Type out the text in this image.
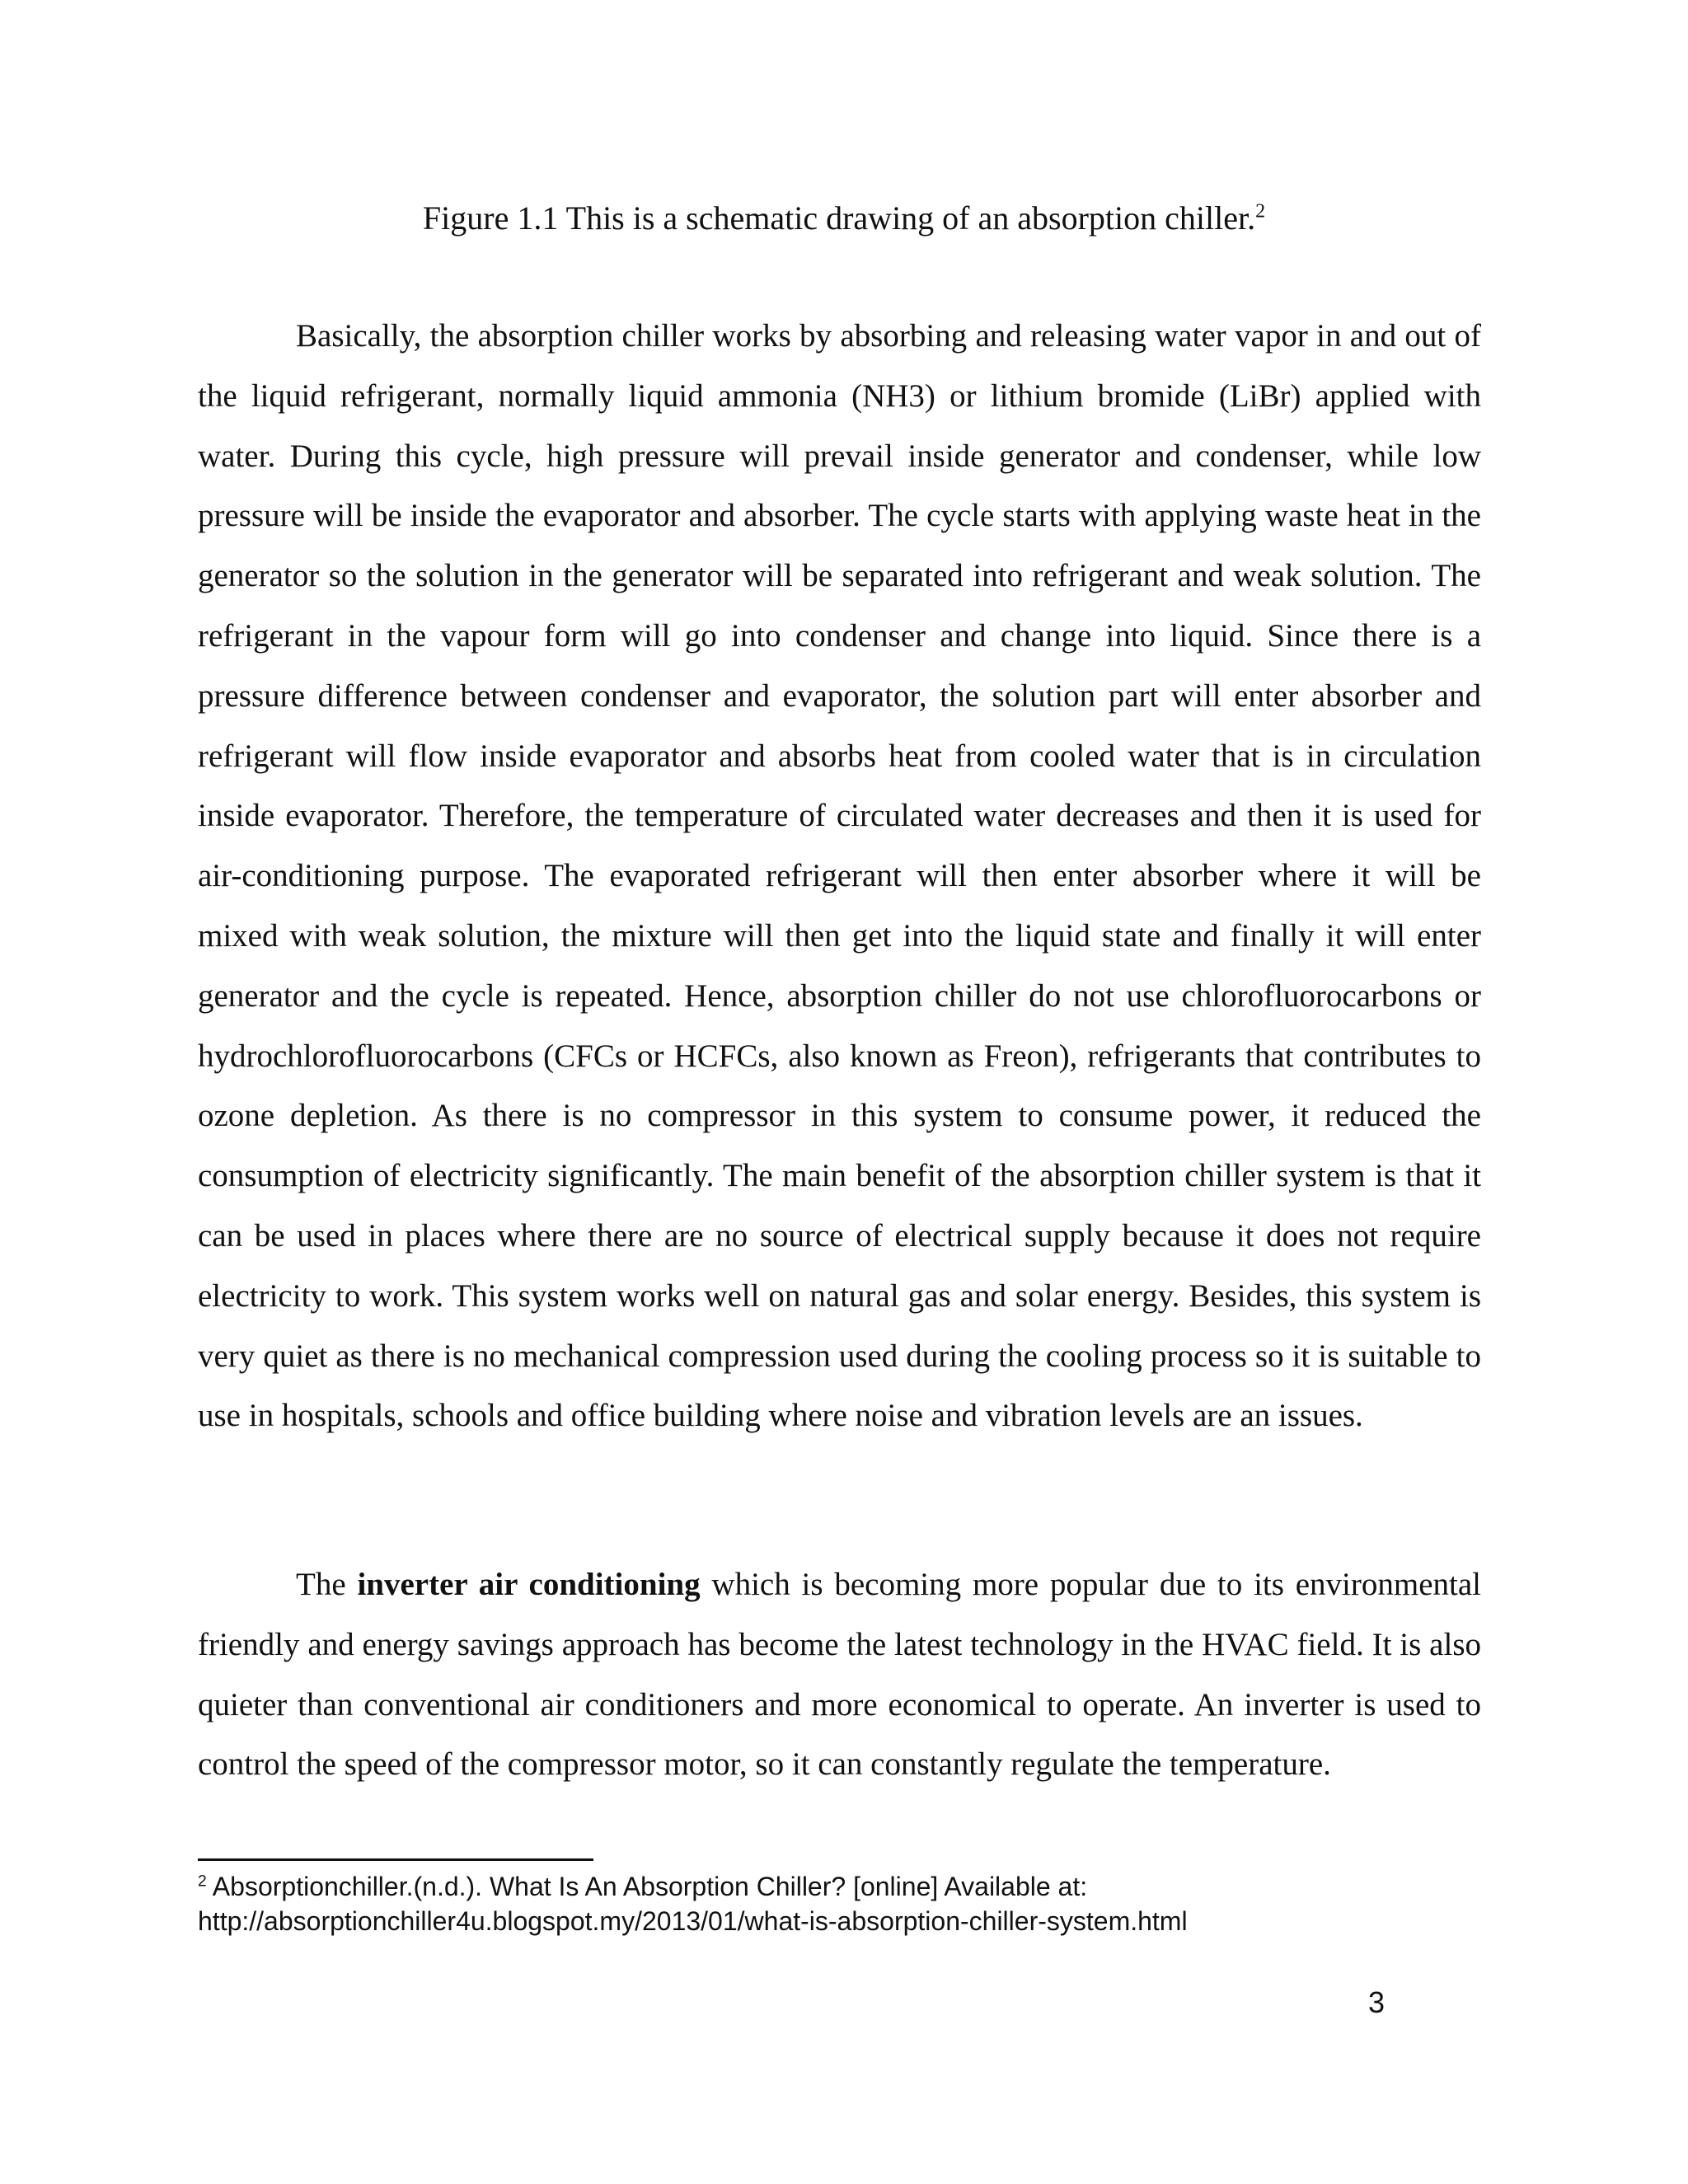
Figure 1.1 This is a schematic drawing of an absorption chiller.$^2$

Basically, the absorption chiller works by absorbing and releasing water vapor in and out of the liquid refrigerant, normally liquid ammonia (NH3) or lithium bromide (LiBr) applied with water. During this cycle, high pressure will prevail inside generator and condenser, while low pressure will be inside the evaporator and absorber. The cycle starts with applying waste heat in the generator so the solution in the generator will be separated into refrigerant and weak solution. The refrigerant in the vapour form will go into condenser and change into liquid. Since there is a pressure difference between condenser and evaporator, the solution part will enter absorber and refrigerant will flow inside evaporator and absorbs heat from cooled water that is in circulation inside evaporator. Therefore, the temperature of circulated water decreases and then it is used for air-conditioning purpose. The evaporated refrigerant will then enter absorber where it will be mixed with weak solution, the mixture will then get into the liquid state and finally it will enter generator and the cycle is repeated. Hence, absorption chiller do not use chlorofluorocarbons or hydrochlorofluorocarbons (CFCs or HCFCs, also known as Freon), refrigerants that contributes to ozone depletion. As there is no compressor in this system to consume power, it reduced the consumption of electricity significantly. The main benefit of the absorption chiller system is that it can be used in places where there are no source of electrical supply because it does not require electricity to work. This system works well on natural gas and solar energy. Besides, this system is very quiet as there is no mechanical compression used during the cooling process so it is suitable to use in hospitals, schools and office building where noise and vibration levels are an issues.

The inverter air conditioning which is becoming more popular due to its environmental friendly and energy savings approach has become the latest technology in the HVAC field. It is also quieter than conventional air conditioners and more economical to operate. An inverter is used to control the speed of the compressor motor, so it can constantly regulate the temperature.

$^2$ Absorptionchiller.(n.d.). What Is An Absorption Chiller? [online] Available at:
http://absorptionchiller4u.blogspot.my/2013/01/what-is-absorption-chiller-system.html

3
